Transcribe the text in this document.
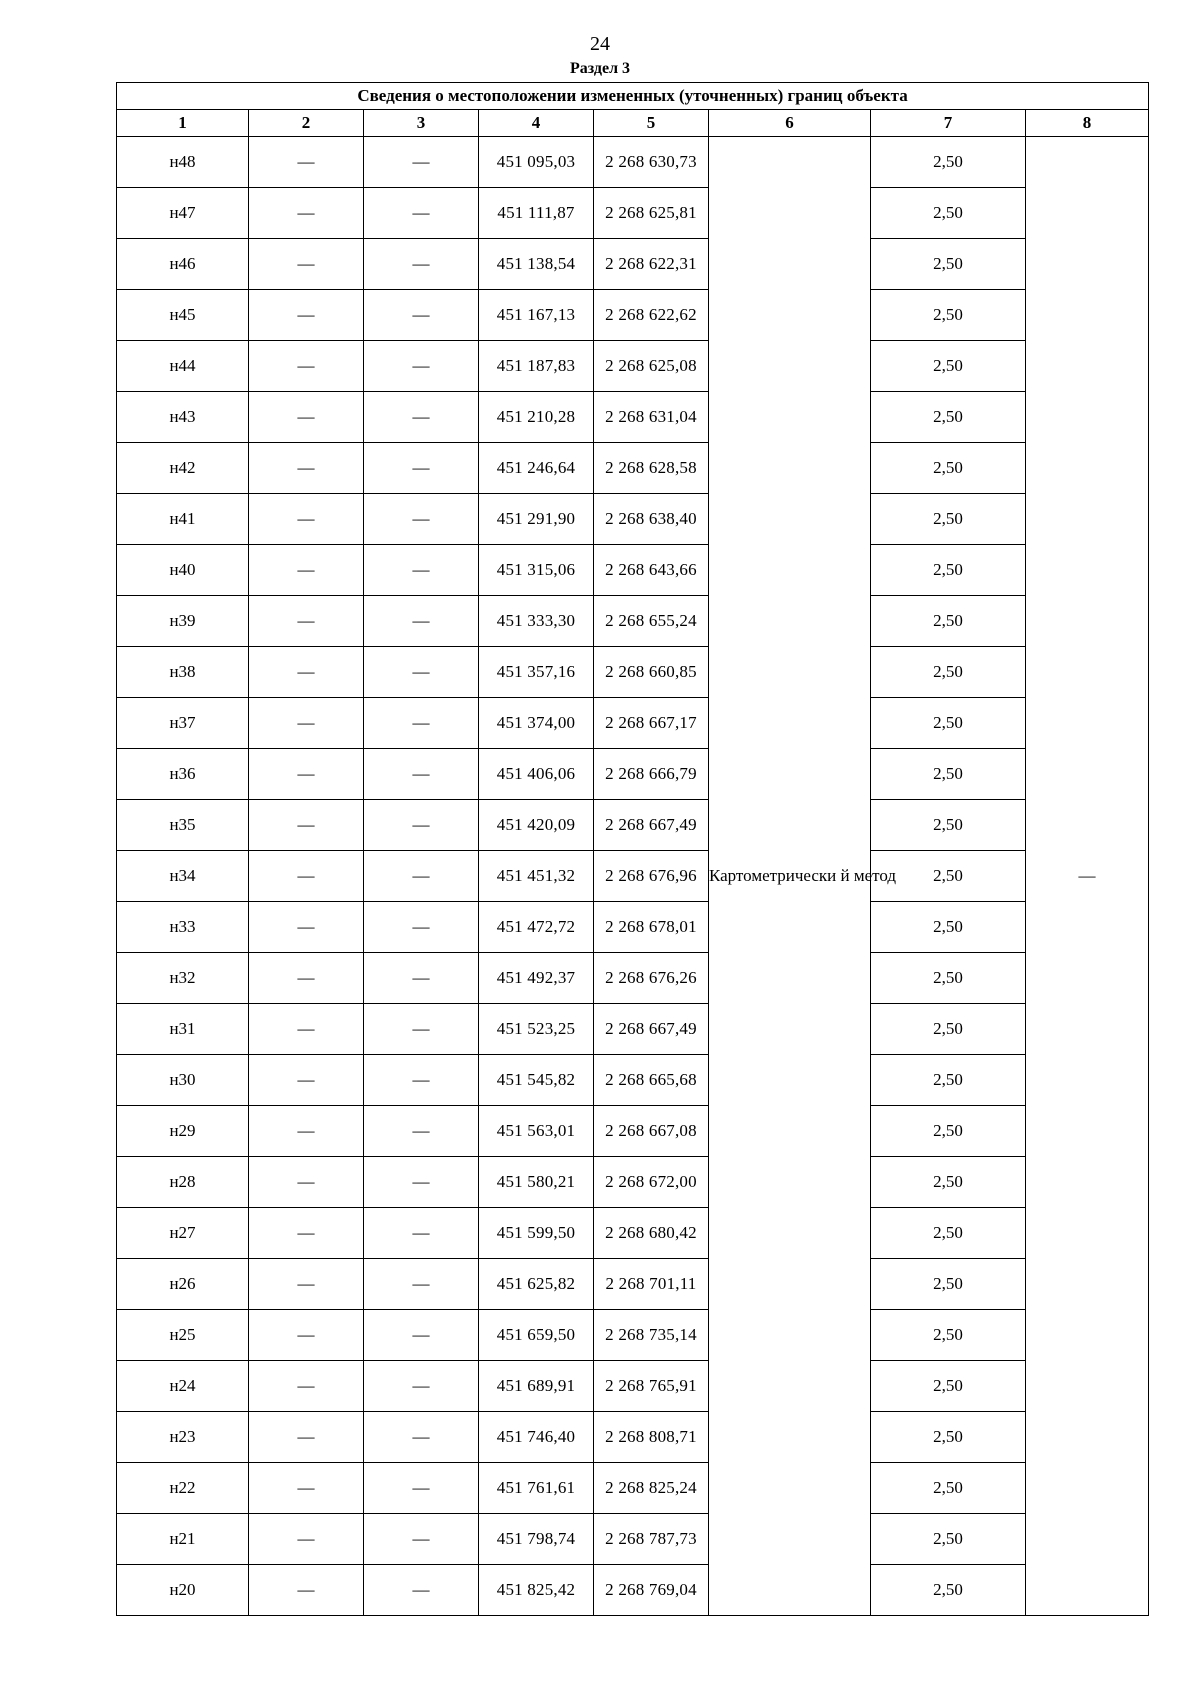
24
Раздел 3
Сведения о местоположении измененных (уточненных) границ объекта							
1	2	3	4	5	6	7	8
н48	—	—	451 095,03	2 268 630,73	Картометрически й метод	2,50	—
н47	—	—	451 111,87	2 268 625,81		2,50	
н46	—	—	451 138,54	2 268 622,31		2,50	
н45	—	—	451 167,13	2 268 622,62		2,50	
н44	—	—	451 187,83	2 268 625,08		2,50	
н43	—	—	451 210,28	2 268 631,04		2,50	
н42	—	—	451 246,64	2 268 628,58		2,50	
н41	—	—	451 291,90	2 268 638,40		2,50	
н40	—	—	451 315,06	2 268 643,66		2,50	
н39	—	—	451 333,30	2 268 655,24		2,50	
н38	—	—	451 357,16	2 268 660,85		2,50	
н37	—	—	451 374,00	2 268 667,17		2,50	
н36	—	—	451 406,06	2 268 666,79		2,50	
н35	—	—	451 420,09	2 268 667,49		2,50	
н34	—	—	451 451,32	2 268 676,96		2,50	
н33	—	—	451 472,72	2 268 678,01		2,50	
н32	—	—	451 492,37	2 268 676,26		2,50	
н31	—	—	451 523,25	2 268 667,49		2,50	
н30	—	—	451 545,82	2 268 665,68		2,50	
н29	—	—	451 563,01	2 268 667,08		2,50	
н28	—	—	451 580,21	2 268 672,00		2,50	
н27	—	—	451 599,50	2 268 680,42		2,50	
н26	—	—	451 625,82	2 268 701,11		2,50	
н25	—	—	451 659,50	2 268 735,14		2,50	
н24	—	—	451 689,91	2 268 765,91		2,50	
н23	—	—	451 746,40	2 268 808,71		2,50	
н22	—	—	451 761,61	2 268 825,24		2,50	
н21	—	—	451 798,74	2 268 787,73		2,50	
н20	—	—	451 825,42	2 268 769,04		2,50	
